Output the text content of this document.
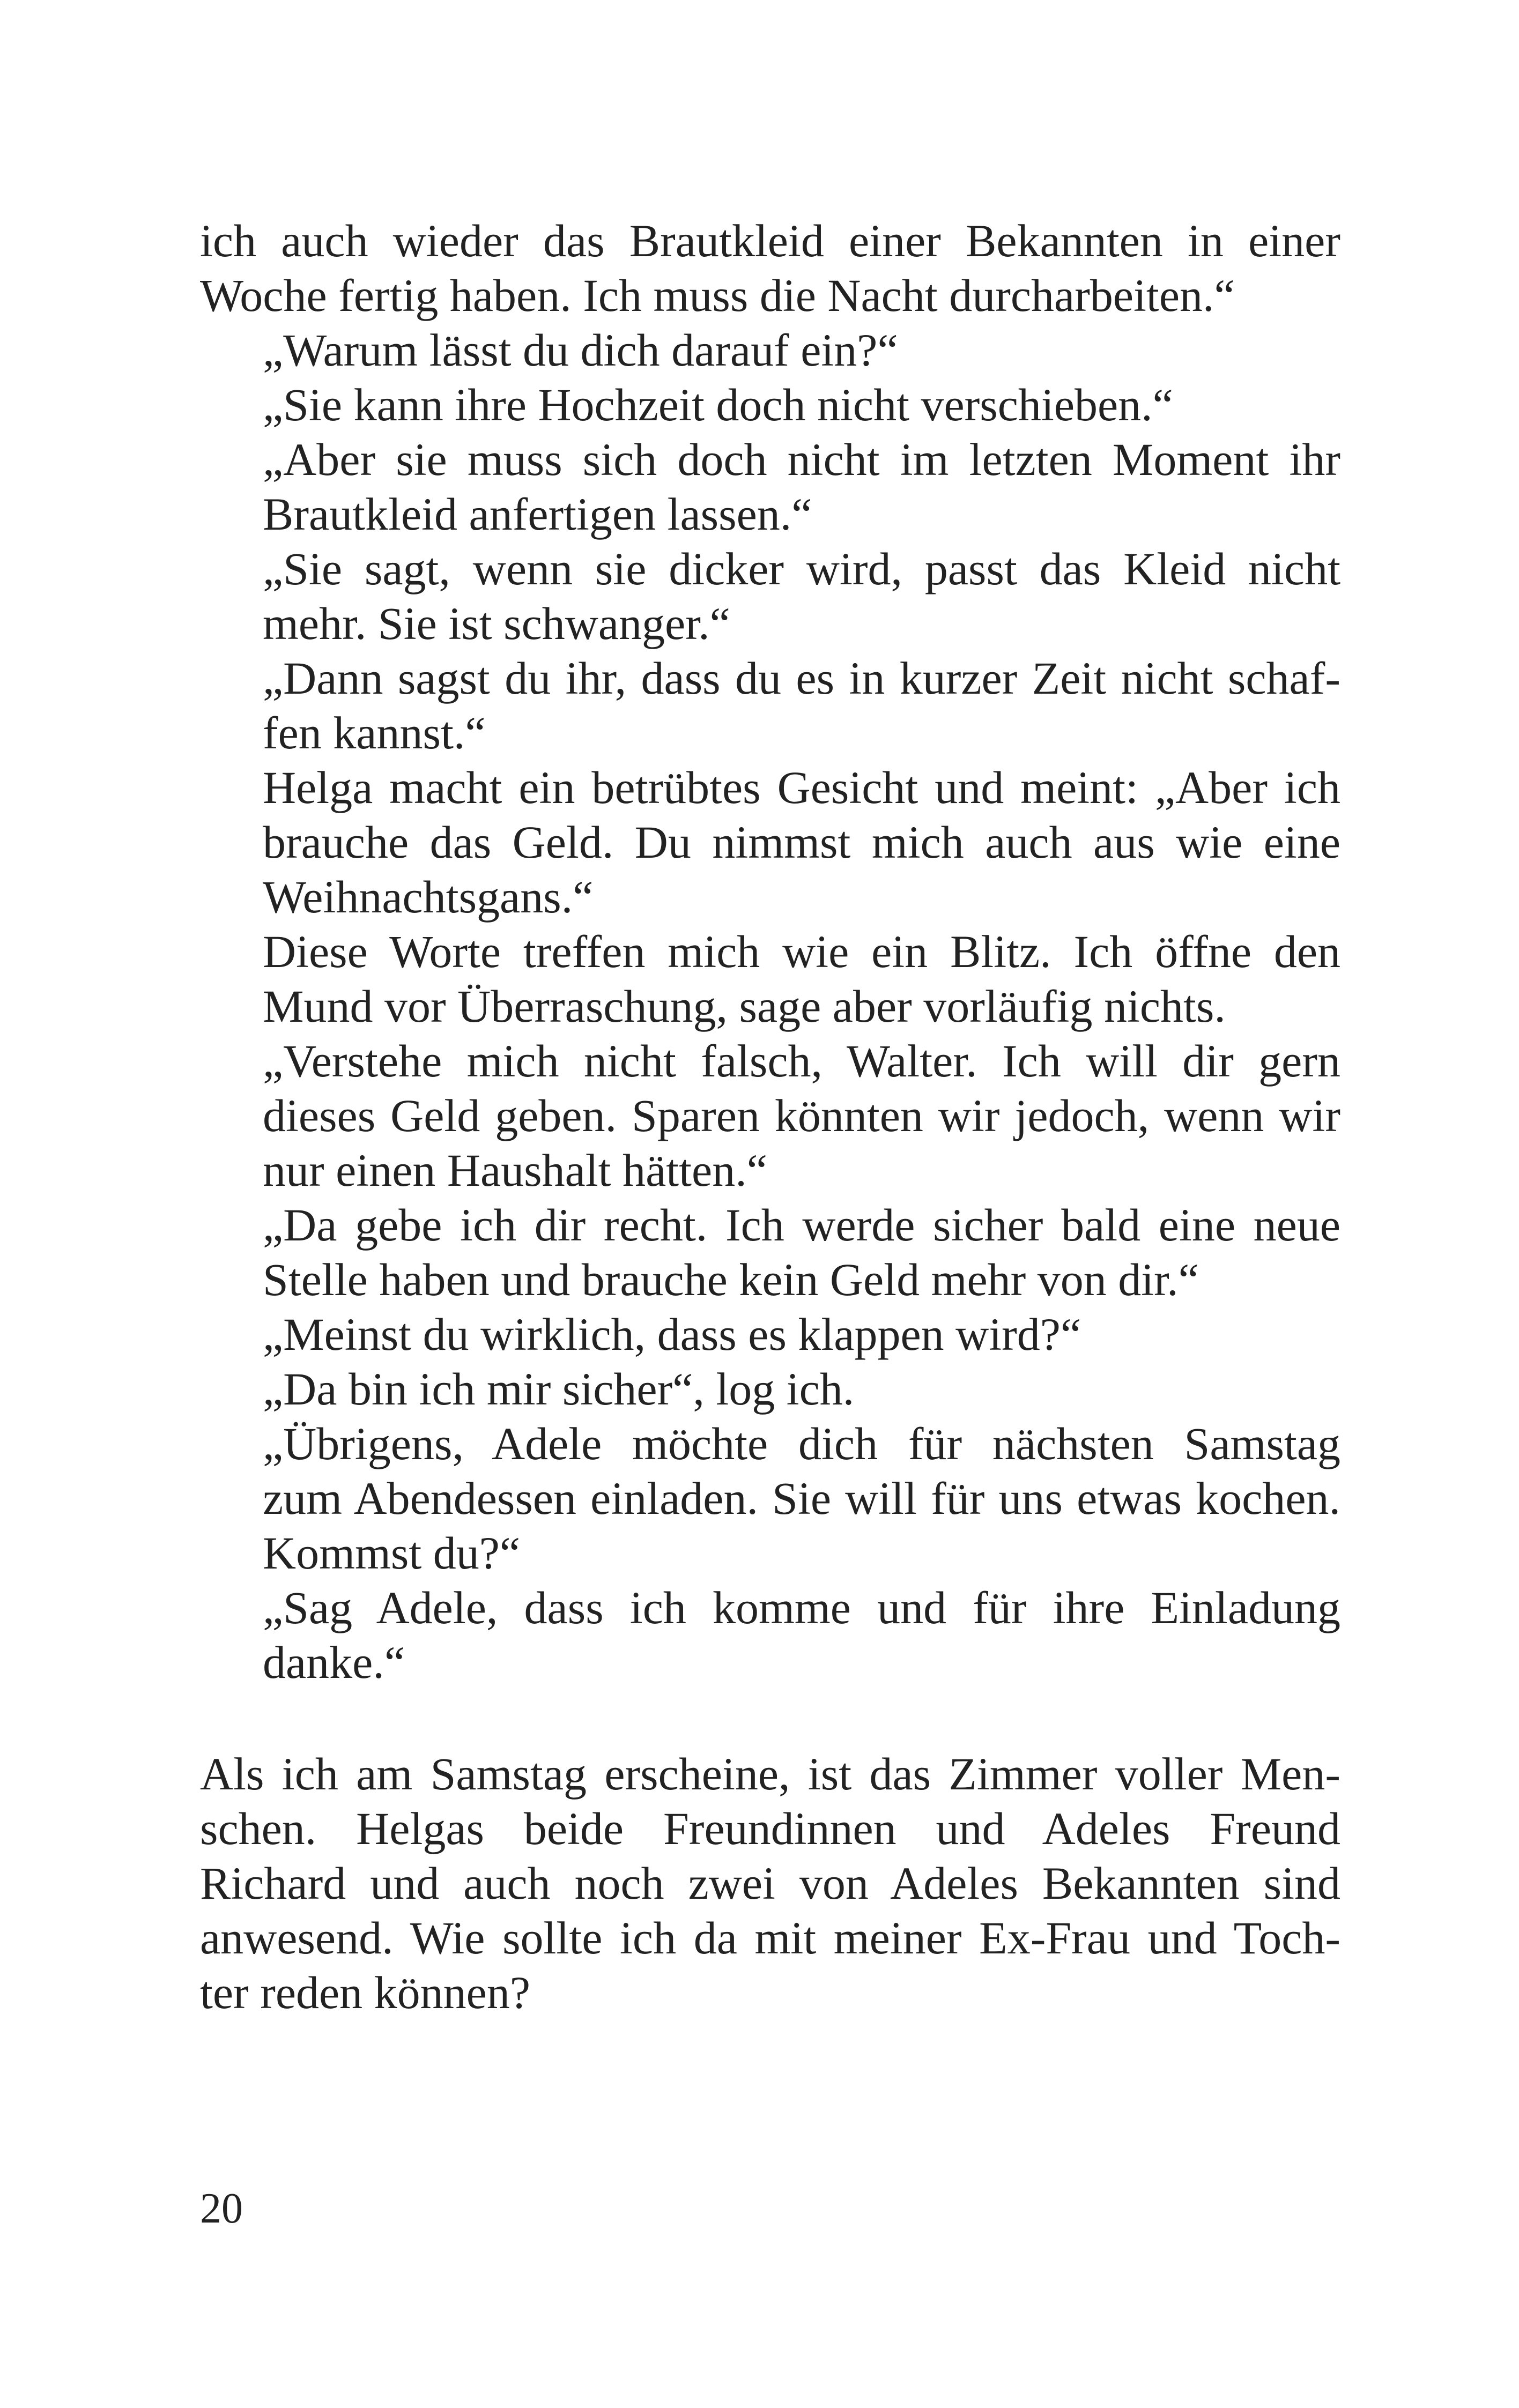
ich auch wieder das Brautkleid einer Bekannten in einer
Woche fertig haben. Ich muss die Nacht durcharbeiten.“
„Warum lässt du dich darauf ein?“
„Sie kann ihre Hochzeit doch nicht verschieben.“
„Aber sie muss sich doch nicht im letzten Moment ihr
Brautkleid anfertigen lassen.“
„Sie sagt, wenn sie dicker wird, passt das Kleid nicht
mehr. Sie ist schwanger.“
„Dann sagst du ihr, dass du es in kurzer Zeit nicht schaf-
fen kannst.“
Helga macht ein betrübtes Gesicht und meint: „Aber ich
brauche das Geld. Du nimmst mich auch aus wie eine
Weihnachtsgans.“
Diese Worte treffen mich wie ein Blitz. Ich öffne den
Mund vor Überraschung, sage aber vorläufig nichts.
„Verstehe mich nicht falsch, Walter. Ich will dir gern
dieses Geld geben. Sparen könnten wir jedoch, wenn wir
nur einen Haushalt hätten.“
„Da gebe ich dir recht. Ich werde sicher bald eine neue
Stelle haben und brauche kein Geld mehr von dir.“
„Meinst du wirklich, dass es klappen wird?“
„Da bin ich mir sicher“, log ich.
„Übrigens, Adele möchte dich für nächsten Samstag
zum Abendessen einladen. Sie will für uns etwas kochen.
Kommst du?“
„Sag Adele, dass ich komme und für ihre Einladung
danke.“
Als ich am Samstag erscheine, ist das Zimmer voller Men-
schen. Helgas beide Freundinnen und Adeles Freund
Richard und auch noch zwei von Adeles Bekannten sind
anwesend. Wie sollte ich da mit meiner Ex-Frau und Toch-
ter reden können?
20
